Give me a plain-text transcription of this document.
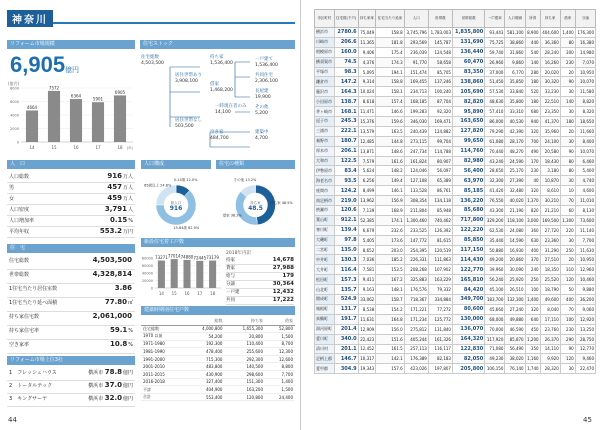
神奈川
リフォーム市場規模
6,905億円
(億円)
0
2000
4000
6000
8000
4664
14
7572
15
6364
16
5901
17
6905
18 (年)
住宅ストック
住宅総数
4,503,500
居住世帯あり
3,908,100
居住世帯なし
503,500
持ち家
1,536,400
借家
1,468,200
空き家
484,700
一戸建て
1,536,400
共同住宅
2,306,100
長屋建
19,900
その他
5,200
一時現在者のみ
14,100
建築中
4,700
人　口
人口総数	916万人
男	457万人
女	459万人
人口密度	3,791人
人口増加率	0.15%
平均年収	553.2万円
住　宅
住宅総数	4,503,500
世帯総数	4,328,814
1住宅当たり居住室数	3.86
1住宅当たり延べ面積	77.80㎡
持ち家住宅数	2,061,000
持ち家住宅率	59.1%
空き家率	10.8%
リフォーム市場上位3社
1　 フレッシュハウス	横浜市 78.8億円
2　 トータルテック	横浜市 37.0億円
3　 キングサーヤ	横浜市 32.0億円
人口構成
0-14歳 12.0%
15-64歳 62.9%
65歳以上 24.8%
総人口
916
住宅の種類
持ち家 48.5%
借家 38.3%
その他 13.2%
持ち家
48.5
新設住宅着工戸数
0
20000
40000
60000
80000 73271
14
77014
15
74880
16
72445
17
73179
18
2018年内訳
持家	14,678
貸家	27,988
給与	179
分譲	30,364
一戸建	12,432
共同	17,222
建築時期別住宅戸数
	総数	持ち家	借家
住宅総数	4,000,800	1,655,300	52,800
1970 以前	54,200	20,800	1,500
1971-1980	192,300	110,400	8,700
1981-1990	478,400	255,600	12,300
1991-2000	715,300	292,300	12,600
2001-2010	483,800	140,500	8,800
2011-2015	430,900	298,600	7,700
2016-2018	327,400	151,300	1,400
不詳	404,900	163,200	1,500
合計	553,400	120,800	24,400
44
市区町村	住宅数(千戸)	持ち家率	住宅当たり延床	人口	世帯数	世帯総数	一戸建率	人口増減	所得	持ち家	借家	分譲
横浜市	2780.6	75,049	158.8	3,745,796	1,783,003	1,835,800	93,443	581,100	8,900	404,600	1,400	176,300
川崎市	206.6	11,365	181.8	293,569	145,787	131,690	75,725	38,860	440	36,360	80	16,380
相模原市	160.0	9,406	175.4	236,039	124,548	136,440	59,740	31,860	540	28,240	300	14,980
横須賀市	74.5	4,376	174.3	91,770	58,658	60,470	26,960	9,860	140	16,260	230	7,070
平塚市	98.3	5,095	194.1	151,474	85,705	83,350	37,000	6,770	280	20,020	20	10,950
鎌倉市	147.2	9,314	158.8	169,455	137,246	138,860	51,450	35,850	180	30,320	90	10,070
藤沢市	164.3	10,024	158.1	234,713	100,240	105,690	57,530	33,840	520	33,230	30	11,580
小田原市	138.7	8,618	157.4	168,185	87,704	82,820	48,630	35,800	180	22,510	140	8,820
茅ヶ崎市	168.1	11,471	146.6	199,283	92,320	95,890	57,410	33,310	680	23,350	30	8,320
逗子市	245.3	15,376	159.6	346,030	169,471	163,650	86,000	40,530	940	41,370	180	18,650
三浦市	222.1	13,579	163.5	240,439	124,882	127,820	79,290	42,390	320	35,960	20	11,660
秦野市	180.7	12,485	144.8	273,115	99,704	99,650	61,080	28,170	700	24,100	30	8,400
厚木市	206.1	13,871	148.6	247,734	114,788	114,760	70,440	48,270	490	20,580	90	10,070
大和市	122.5	7,579	161.6	161,824	80,907	82,980	43,240	24,590	170	18,430	80	6,460
伊勢原市	83.4	5,624	148.2	124,046	56,097	56,400	28,650	25,170	230	3,180	80	5,400
海老名市	93.5	6,256	149.4	127,108	65,389	63,970	32,300	27,390	40	10,870	30	4,740
座間市	124.2	8,499	146.1	133,528	86,761	85,185	41,420	32,480	320	8,610	10	4,600
南足柄市	219.0	13,962	156.9	308,354	134,118	136,220	76,550	40,020	1,370	30,210	70	11,010
綾瀬市	120.6	7,139	168.9	211,804	85,948	85,680	43,300	21,190	820	21,210	60	8,130
葉山町	912.1	52,385	174.1	1,300,460	740,462	717,800	329,200	118,100	3,000	169,500	1,300	73,600
寒川町	139.4	6,679	232.6	233,525	126,392	122,220	62,530	24,080	360	27,720	220	11,140
大磯町	97.8	5,405	173.6	147,772	81,615	85,850	35,440	14,590	630	23,360	30	7,700
二宮町	135.0	8,652	203.0	254,395	120,519	117,150	50,880	16,930	400	31,290	250	11,630
中井町	130.3	7,036	185.2	226,331	111,863	114,430	49,200	20,860	370	27,510	20	10,950
大井町	116.4	7,581	153.5	208,268	107,902	122,770	39,960	30,090	240	18,350	310	12,960
松田町	157.3	9,411	167.2	325,883	163,229	165,810	56,240	25,920	250	25,520	120	10,460
山北町	135.7	9,163	148.1	176,576	79,332	84,420	45,100	26,510	100	18,790	50	9,880
開成町	524.9	33,062	158.7	718,367	334,884	349,700	183,700	132,300	1,400	49,600	400	36,200
箱根町	131.7	8,538	154.2	171,221	77,272	80,600	45,660	27,240	320	8,040	70	9,060
真鶴町	191.7	11,631	164.8	171,234	125,772	130,000	68,000	49,880	640	17,110	100	12,920
湯河原町	201.4	12,909	156.0	275,812	131,840	136,070	70,000	46,590	450	23,760	230	13,250
愛川町	340.0	22,423	151.6	405,244	161,326	164,320	117,920	85,870	1,200	26,370	290	28,750
清川村	201.1	12,452	161.5	257,113	116,117	122,830	71,080	56,490	350	14,110	90	12,770
足柄上郡	146.7	10,317	142.1	176,389	82,183	82,050	49,230	38,020	1,160	9,920	120	9,460
愛甲郡	304.9	19,343	157.6	423,026	197,807	205,800	106,150	76,140	1,740	28,320	30	22,470
45
